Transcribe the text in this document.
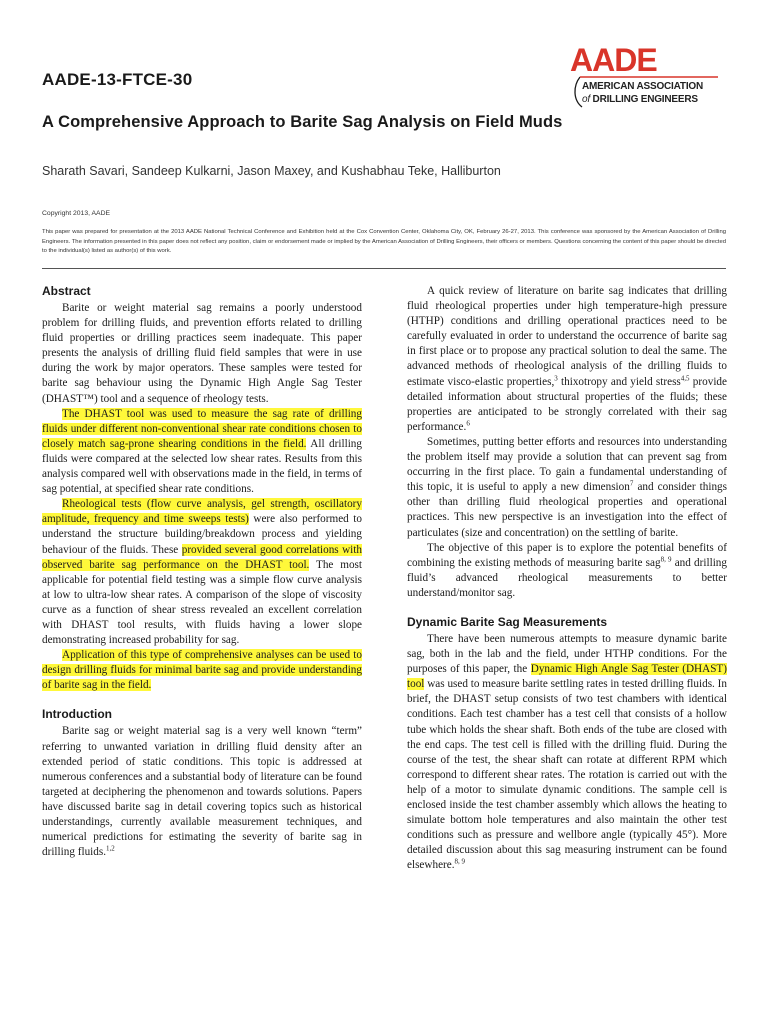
AADE-13-FTCE-30
AADE
AMERICAN ASSOCIATION
of DRILLING ENGINEERS
A Comprehensive Approach to Barite Sag Analysis on Field Muds
Sharath Savari, Sandeep Kulkarni, Jason Maxey, and Kushabhau Teke, Halliburton
Copyright 2013, AADE
This paper was prepared for presentation at the 2013 AADE National Technical Conference and Exhibition held at the Cox Convention Center, Oklahoma City, OK, February 26-27, 2013. This conference was sponsored by the American Association of Drilling Engineers. The information presented in this paper does not reflect any position, claim or endorsement made or implied by the American Association of Drilling Engineers, their officers or members. Questions concerning the content of this paper should be directed to the individual(s) listed as author(s) of this work.
Abstract

Barite or weight material sag remains a poorly understood problem for drilling fluids, and prevention efforts related to drilling fluid properties or drilling practices seem inadequate. This paper presents the analysis of drilling fluid field samples that were in use during the work by major operators. These samples were tested for barite sag behaviour using the Dynamic High Angle Sag Tester (DHAST™) tool and a sequence of rheology tests.

The DHAST tool was used to measure the sag rate of drilling fluids under different non-conventional shear rate conditions chosen to closely match sag-prone shearing conditions in the field. All drilling fluids were compared at the selected low shear rates. Results from this analysis compared well with observations made in the field, in terms of sag potential, at specified shear rate conditions.

Rheological tests (flow curve analysis, gel strength, oscillatory amplitude, frequency and time sweeps tests) were also performed to understand the structure building/breakdown process and yielding behaviour of the fluids. These provided several good correlations with observed barite sag performance on the DHAST tool. The most applicable for potential field testing was a simple flow curve analysis at low to ultra-low shear rates. A comparison of the slope of viscosity curve as a function of shear stress revealed an excellent correlation with DHAST tool results, with fluids having a lower slope demonstrating increased probability for sag.

Application of this type of comprehensive analyses can be used to design drilling fluids for minimal barite sag and provide understanding of barite sag in the field.

Introduction

Barite sag or weight material sag is a very well known “term” referring to unwanted variation in drilling fluid density after an extended period of static conditions. This topic is addressed at numerous conferences and a substantial body of literature can be found targeted at deciphering the phenomenon and towards solutions. Papers have discussed barite sag in detail covering topics such as historical understandings, currently available measurement techniques, and numerical predictions for estimating the severity of barite sag in drilling fluids.$^{1,2}$

A quick review of literature on barite sag indicates that drilling fluid rheological properties under high temperature-high pressure (HTHP) conditions and drilling operational practices need to be carefully evaluated in order to understand the occurrence of barite sag in first place or to propose any practical solution to deal the same. The advanced methods of rheological analysis of the drilling fluids to estimate visco-elastic properties,$^3$ thixotropy and yield stress$^{4,5}$ provide detailed information about structural properties of the fluids; these properties are anticipated to be strongly correlated with their sag performance.$^6$

Sometimes, putting better efforts and resources into understanding the problem itself may provide a solution that can prevent sag from occurring in the first place. To gain a fundamental understanding of this topic, it is useful to apply a new dimension$^7$ and consider things other than drilling fluid rheological properties and operational practices. This new perspective is an investigation into the effect of particulates (size and concentration) on the settling of barite.

The objective of this paper is to explore the potential benefits of combining the existing methods of measuring barite sag$^{8, 9}$ and drilling fluid’s advanced rheological measurements to better understand/monitor sag.

Dynamic Barite Sag Measurements

There have been numerous attempts to measure dynamic barite sag, both in the lab and the field, under HTHP conditions. For the purposes of this paper, the Dynamic High Angle Sag Tester (DHAST) tool was used to measure barite settling rates in tested drilling fluids. In brief, the DHAST setup consists of two test chambers with identical conditions. Each test chamber has a test cell that consists of a hollow tube which holds the shear shaft. Both ends of the tube are closed with the end caps. The test cell is filled with the drilling fluid. During the course of the test, the shear shaft can rotate at different RPM which correspond to different shear rates. The rotation is carried out with the help of a motor to simulate dynamic conditions. The sample cell is enclosed inside the test chamber assembly which allows the heating to simulate bottom hole temperatures and also maintain the other test conditions such as pressure and wellbore angle (typically 45°). More detailed discussion about this sag measuring instrument can be found elsewhere.$^{8, 9}$
